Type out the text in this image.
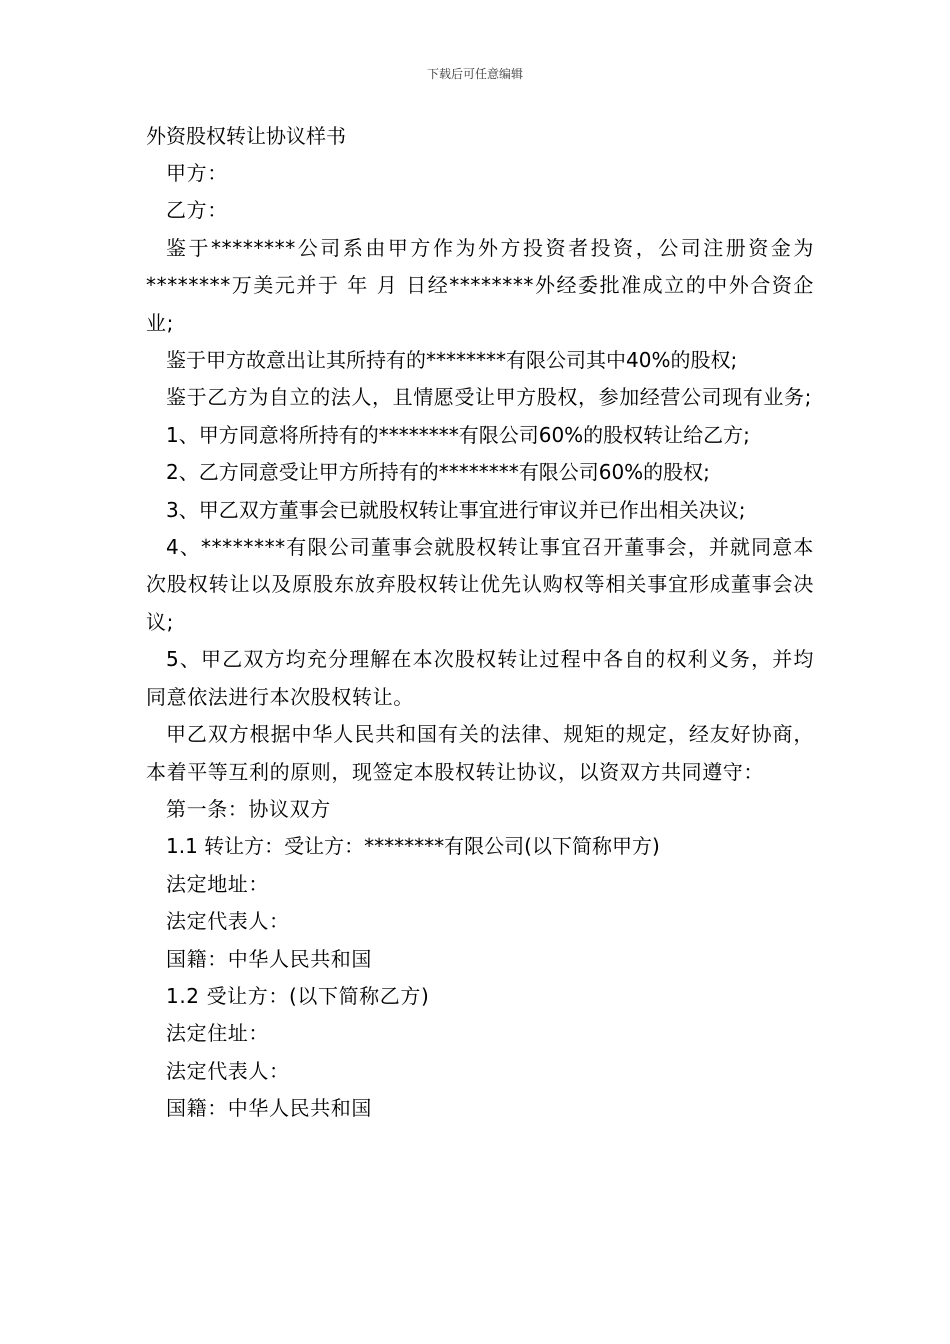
下载后可任意编辑

外资股权转让协议样书

甲方：

乙方：

鉴于********公司系由甲方作为外方投资者投资，公司注册资金为********万美元并于 年 月 日经********外经委批准成立的中外合资企业;

鉴于甲方故意出让其所持有的********有限公司其中40%的股权;

鉴于乙方为自立的法人，且情愿受让甲方股权，参加经营公司现有业务;

1、甲方同意将所持有的********有限公司60%的股权转让给乙方;

2、乙方同意受让甲方所持有的********有限公司60%的股权;

3、甲乙双方董事会已就股权转让事宜进行审议并已作出相关决议;

4、********有限公司董事会就股权转让事宜召开董事会，并就同意本次股权转让以及原股东放弃股权转让优先认购权等相关事宜形成董事会决议;

5、甲乙双方均充分理解在本次股权转让过程中各自的权利义务，并均同意依法进行本次股权转让。

甲乙双方根据中华人民共和国有关的法律、规矩的规定，经友好协商，本着平等互利的原则，现签定本股权转让协议，以资双方共同遵守：

第一条：协议双方

1.1 转让方：受让方：********有限公司(以下简称甲方)

法定地址：

法定代表人：

国籍：中华人民共和国

1.2 受让方：(以下简称乙方)

法定住址：

法定代表人：

国籍：中华人民共和国
